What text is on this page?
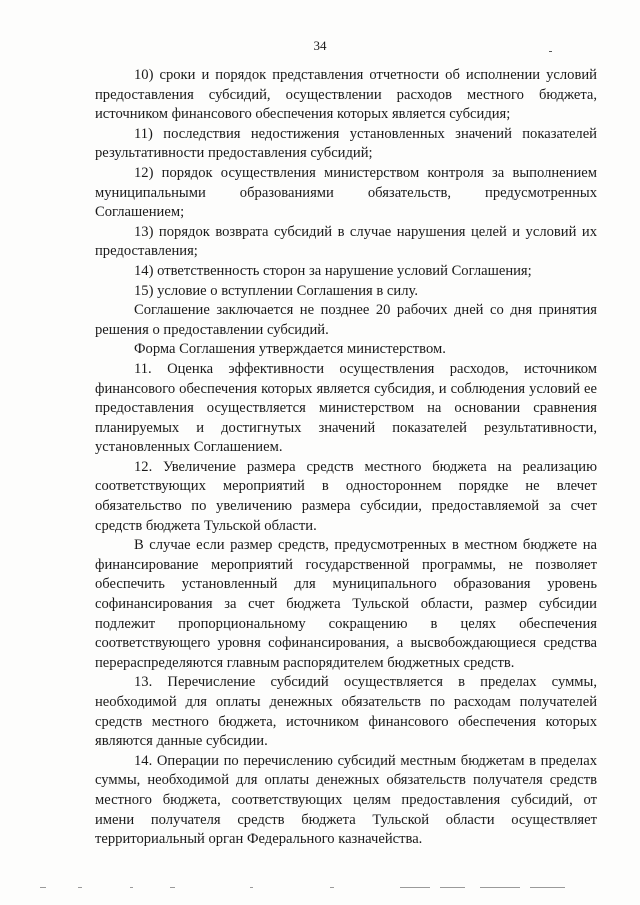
34

10) сроки и порядок представления отчетности об исполнении условий предоставления субсидий, осуществлении расходов местного бюджета, источником финансового обеспечения которых является субсидия;

11) последствия недостижения установленных значений показателей результативности предоставления субсидий;

12) порядок осуществления министерством контроля за выполнением муниципальными образованиями обязательств, предусмотренных Соглашением;

13) порядок возврата субсидий в случае нарушения целей и условий их предоставления;

14) ответственность сторон за нарушение условий Соглашения;

15) условие о вступлении Соглашения в силу.

Соглашение заключается не позднее 20 рабочих дней со дня принятия решения о предоставлении субсидий.

Форма Соглашения утверждается министерством.

11. Оценка эффективности осуществления расходов, источником финансового обеспечения которых является субсидия, и соблюдения условий ее предоставления осуществляется министерством на основании сравнения планируемых и достигнутых значений показателей результативности, установленных Соглашением.

12. Увеличение размера средств местного бюджета на реализацию соответствующих мероприятий в одностороннем порядке не влечет обязательство по увеличению размера субсидии, предоставляемой за счет средств бюджета Тульской области.

В случае если размер средств, предусмотренных в местном бюджете на финансирование мероприятий государственной программы, не позволяет обеспечить установленный для муниципального образования уровень софинансирования за счет бюджета Тульской области, размер субсидии подлежит пропорциональному сокращению в целях обеспечения соответствующего уровня софинансирования, а высвобождающиеся средства перераспределяются главным распорядителем бюджетных средств.

13. Перечисление субсидий осуществляется в пределах суммы, необходимой для оплаты денежных обязательств по расходам получателей средств местного бюджета, источником финансового обеспечения которых являются данные субсидии.

14. Операции по перечислению субсидий местным бюджетам в пределах суммы, необходимой для оплаты денежных обязательств получателя средств местного бюджета, соответствующих целям предоставления субсидий, от имени получателя средств бюджета Тульской области осуществляет территориальный орган Федерального казначейства.
